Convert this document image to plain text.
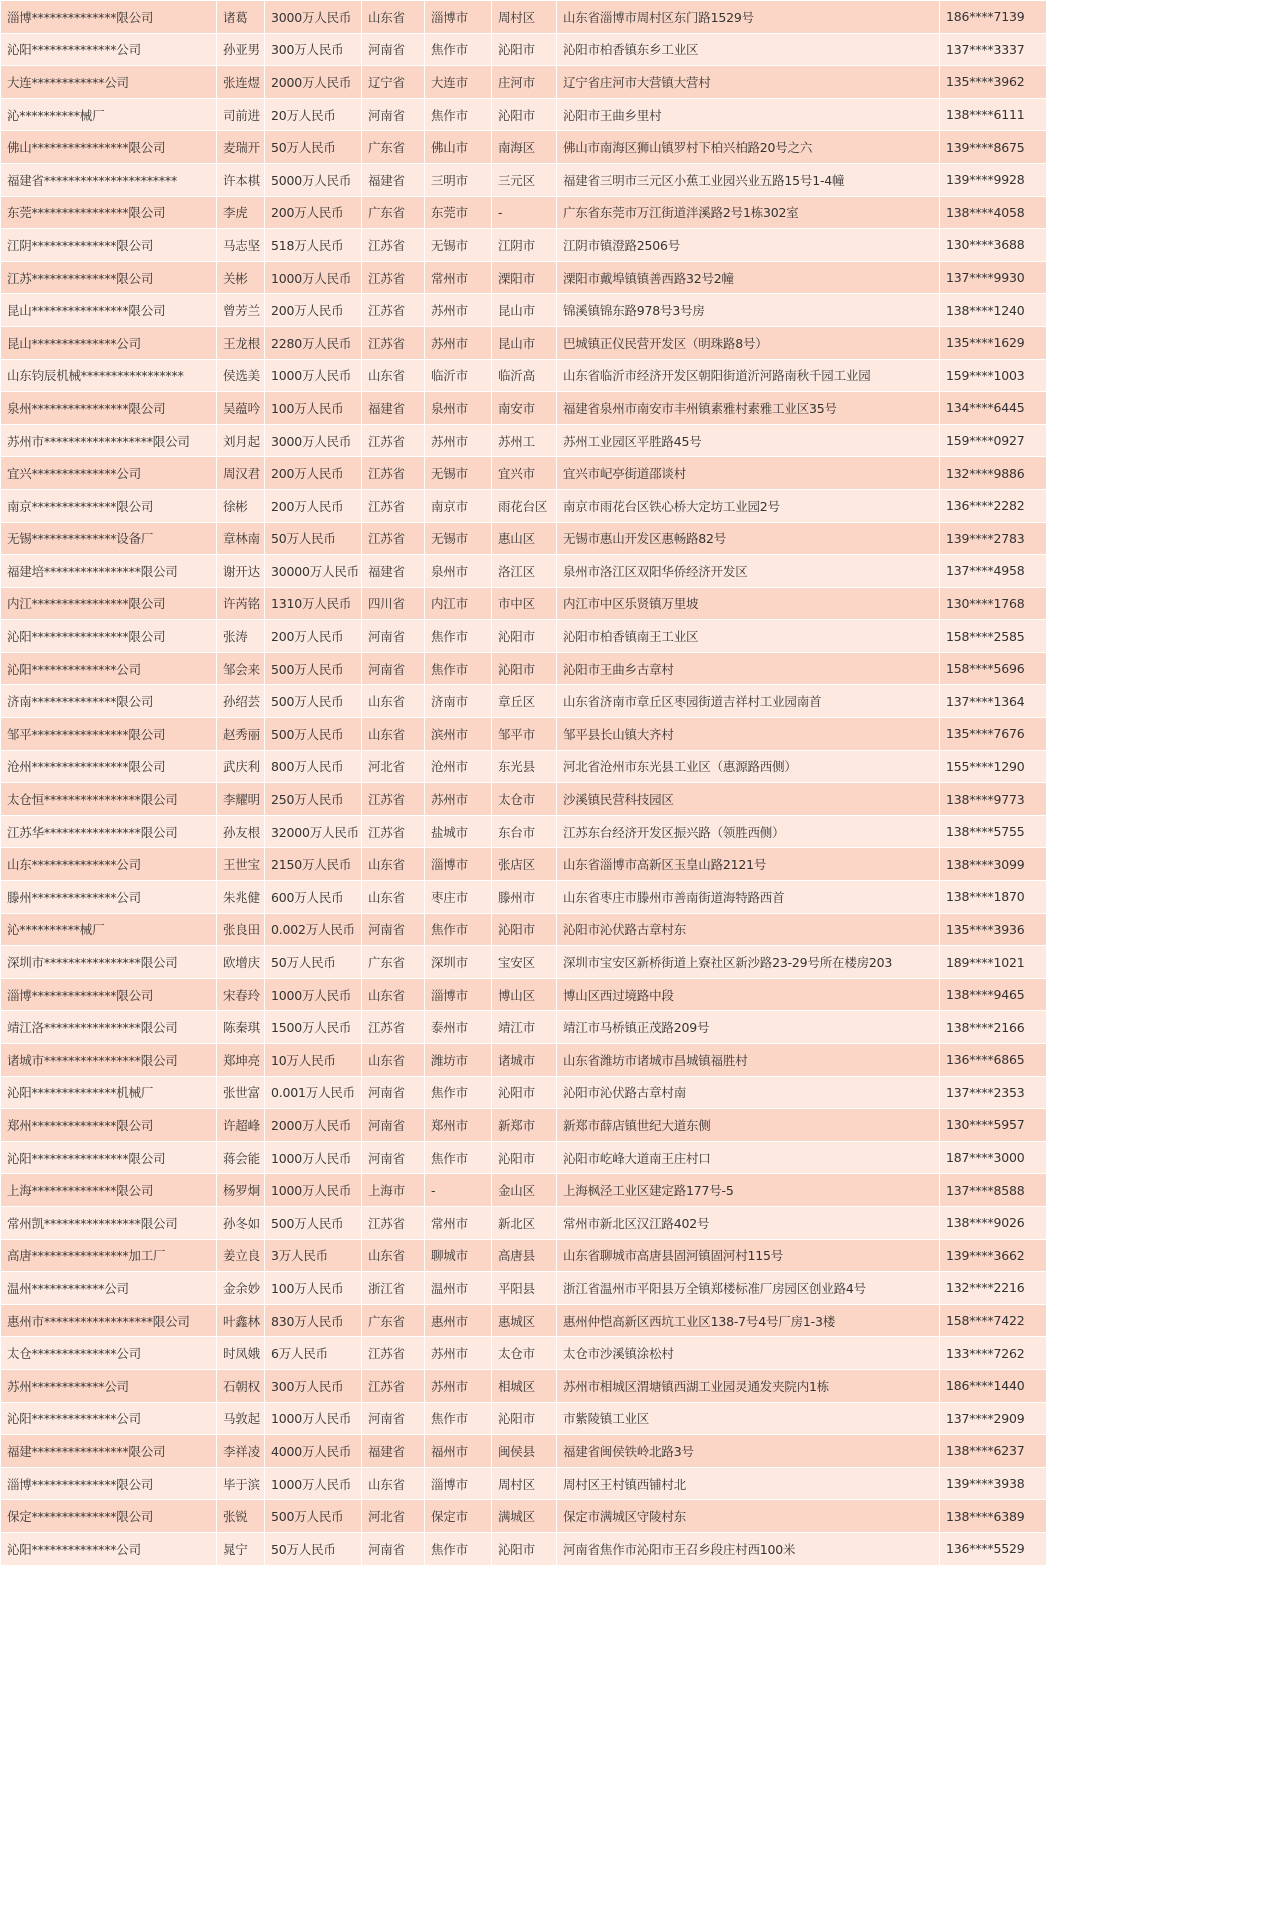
淄博**************限公司	诸葛	3000万人民币	山东省	淄博市	周村区	山东省淄博市周村区东门路1529号	186****7139
沁阳**************公司	孙亚男	300万人民币	河南省	焦作市	沁阳市	沁阳市柏香镇东乡工业区	137****3337
大连************公司	张连煜	2000万人民币	辽宁省	大连市	庄河市	辽宁省庄河市大营镇大营村	135****3962
沁**********械厂	司前进	20万人民币	河南省	焦作市	沁阳市	沁阳市王曲乡里村	138****6111
佛山****************限公司	麦瑞开	50万人民币	广东省	佛山市	南海区	佛山市南海区狮山镇罗村下柏兴柏路20号之六	139****8675
福建省**********************	许本棋	5000万人民币	福建省	三明市	三元区	福建省三明市三元区小蕉工业园兴业五路15号1-4幢	139****9928
东莞****************限公司	李虎	200万人民币	广东省	东莞市	-	广东省东莞市万江街道泮溪路2号1栋302室	138****4058
江阴**************限公司	马志坚	518万人民币	江苏省	无锡市	江阴市	江阴市镇澄路2506号	130****3688
江苏**************限公司	关彬	1000万人民币	江苏省	常州市	溧阳市	溧阳市戴埠镇镇善西路32号2幢	137****9930
昆山****************限公司	曾芳兰	200万人民币	江苏省	苏州市	昆山市	锦溪镇锦东路978号3号房	138****1240
昆山**************公司	王龙根	2280万人民币	江苏省	苏州市	昆山市	巴城镇正仪民营开发区（明珠路8号）	135****1629
山东钧辰机械*****************	侯选美	1000万人民币	山东省	临沂市	临沂高	山东省临沂市经济开发区朝阳街道沂河路南秋千园工业园	159****1003
泉州****************限公司	吴蕴吟	100万人民币	福建省	泉州市	南安市	福建省泉州市南安市丰州镇素雅村素雅工业区35号	134****6445
苏州市******************限公司	刘月起	3000万人民币	江苏省	苏州市	苏州工	苏州工业园区平胜路45号	159****0927
宜兴**************公司	周汉君	200万人民币	江苏省	无锡市	宜兴市	宜兴市屺亭街道邵谈村	132****9886
南京**************限公司	徐彬	200万人民币	江苏省	南京市	雨花台区	南京市雨花台区铁心桥大定坊工业园2号	136****2282
无锡**************设备厂	章林南	50万人民币	江苏省	无锡市	惠山区	无锡市惠山开发区惠畅路82号	139****2783
福建培****************限公司	谢开达	30000万人民币	福建省	泉州市	洛江区	泉州市洛江区双阳华侨经济开发区	137****4958
内江****************限公司	许芮铭	1310万人民币	四川省	内江市	市中区	内江市中区乐贤镇万里坡	130****1768
沁阳****************限公司	张涛	200万人民币	河南省	焦作市	沁阳市	沁阳市柏香镇南王工业区	158****2585
沁阳**************公司	邹会来	500万人民币	河南省	焦作市	沁阳市	沁阳市王曲乡古章村	158****5696
济南**************限公司	孙绍芸	500万人民币	山东省	济南市	章丘区	山东省济南市章丘区枣园街道吉祥村工业园南首	137****1364
邹平****************限公司	赵秀丽	500万人民币	山东省	滨州市	邹平市	邹平县长山镇大齐村	135****7676
沧州****************限公司	武庆利	800万人民币	河北省	沧州市	东光县	河北省沧州市东光县工业区（惠源路西侧）	155****1290
太仓恒****************限公司	李耀明	250万人民币	江苏省	苏州市	太仓市	沙溪镇民营科技园区	138****9773
江苏华****************限公司	孙友根	32000万人民币	江苏省	盐城市	东台市	江苏东台经济开发区振兴路（领胜西侧）	138****5755
山东**************公司	王世宝	2150万人民币	山东省	淄博市	张店区	山东省淄博市高新区玉皇山路2121号	138****3099
滕州**************公司	朱兆健	600万人民币	山东省	枣庄市	滕州市	山东省枣庄市滕州市善南街道海特路西首	138****1870
沁**********械厂	张良田	0.002万人民币	河南省	焦作市	沁阳市	沁阳市沁伏路古章村东	135****3936
深圳市****************限公司	欧增庆	50万人民币	广东省	深圳市	宝安区	深圳市宝安区新桥街道上寮社区新沙路23-29号所在楼房203	189****1021
淄博**************限公司	宋春玲	1000万人民币	山东省	淄博市	博山区	博山区西过境路中段	138****9465
靖江洛****************限公司	陈秦琪	1500万人民币	江苏省	泰州市	靖江市	靖江市马桥镇正茂路209号	138****2166
诸城市****************限公司	郑坤亮	10万人民币	山东省	潍坊市	诸城市	山东省潍坊市诸城市昌城镇福胜村	136****6865
沁阳**************机械厂	张世富	0.001万人民币	河南省	焦作市	沁阳市	沁阳市沁伏路古章村南	137****2353
郑州**************限公司	许超峰	2000万人民币	河南省	郑州市	新郑市	新郑市薛店镇世纪大道东侧	130****5957
沁阳****************限公司	蒋会能	1000万人民币	河南省	焦作市	沁阳市	沁阳市屹峰大道南王庄村口	187****3000
上海**************限公司	杨罗炯	1000万人民币	上海市	-	金山区	上海枫泾工业区建定路177号-5	137****8588
常州凯****************限公司	孙冬如	500万人民币	江苏省	常州市	新北区	常州市新北区汉江路402号	138****9026
高唐****************加工厂	姜立良	3万人民币	山东省	聊城市	高唐县	山东省聊城市高唐县固河镇固河村115号	139****3662
温州************公司	金余妙	100万人民币	浙江省	温州市	平阳县	浙江省温州市平阳县万全镇郑楼标准厂房园区创业路4号	132****2216
惠州市******************限公司	叶鑫林	830万人民币	广东省	惠州市	惠城区	惠州仲恺高新区西坑工业区138-7号4号厂房1-3楼	158****7422
太仓**************公司	时凤娥	6万人民币	江苏省	苏州市	太仓市	太仓市沙溪镇涂松村	133****7262
苏州************公司	石朝权	300万人民币	江苏省	苏州市	相城区	苏州市相城区渭塘镇西湖工业园灵通发夹院内1栋	186****1440
沁阳**************公司	马敦起	1000万人民币	河南省	焦作市	沁阳市	市紫陵镇工业区	137****2909
福建****************限公司	李祥凌	4000万人民币	福建省	福州市	闽侯县	福建省闽侯铁岭北路3号	138****6237
淄博**************限公司	毕于滨	1000万人民币	山东省	淄博市	周村区	周村区王村镇西铺村北	139****3938
保定**************限公司	张锐	500万人民币	河北省	保定市	满城区	保定市满城区守陵村东	138****6389
沁阳**************公司	晁宁	50万人民币	河南省	焦作市	沁阳市	河南省焦作市沁阳市王召乡段庄村西100米	136****5529
